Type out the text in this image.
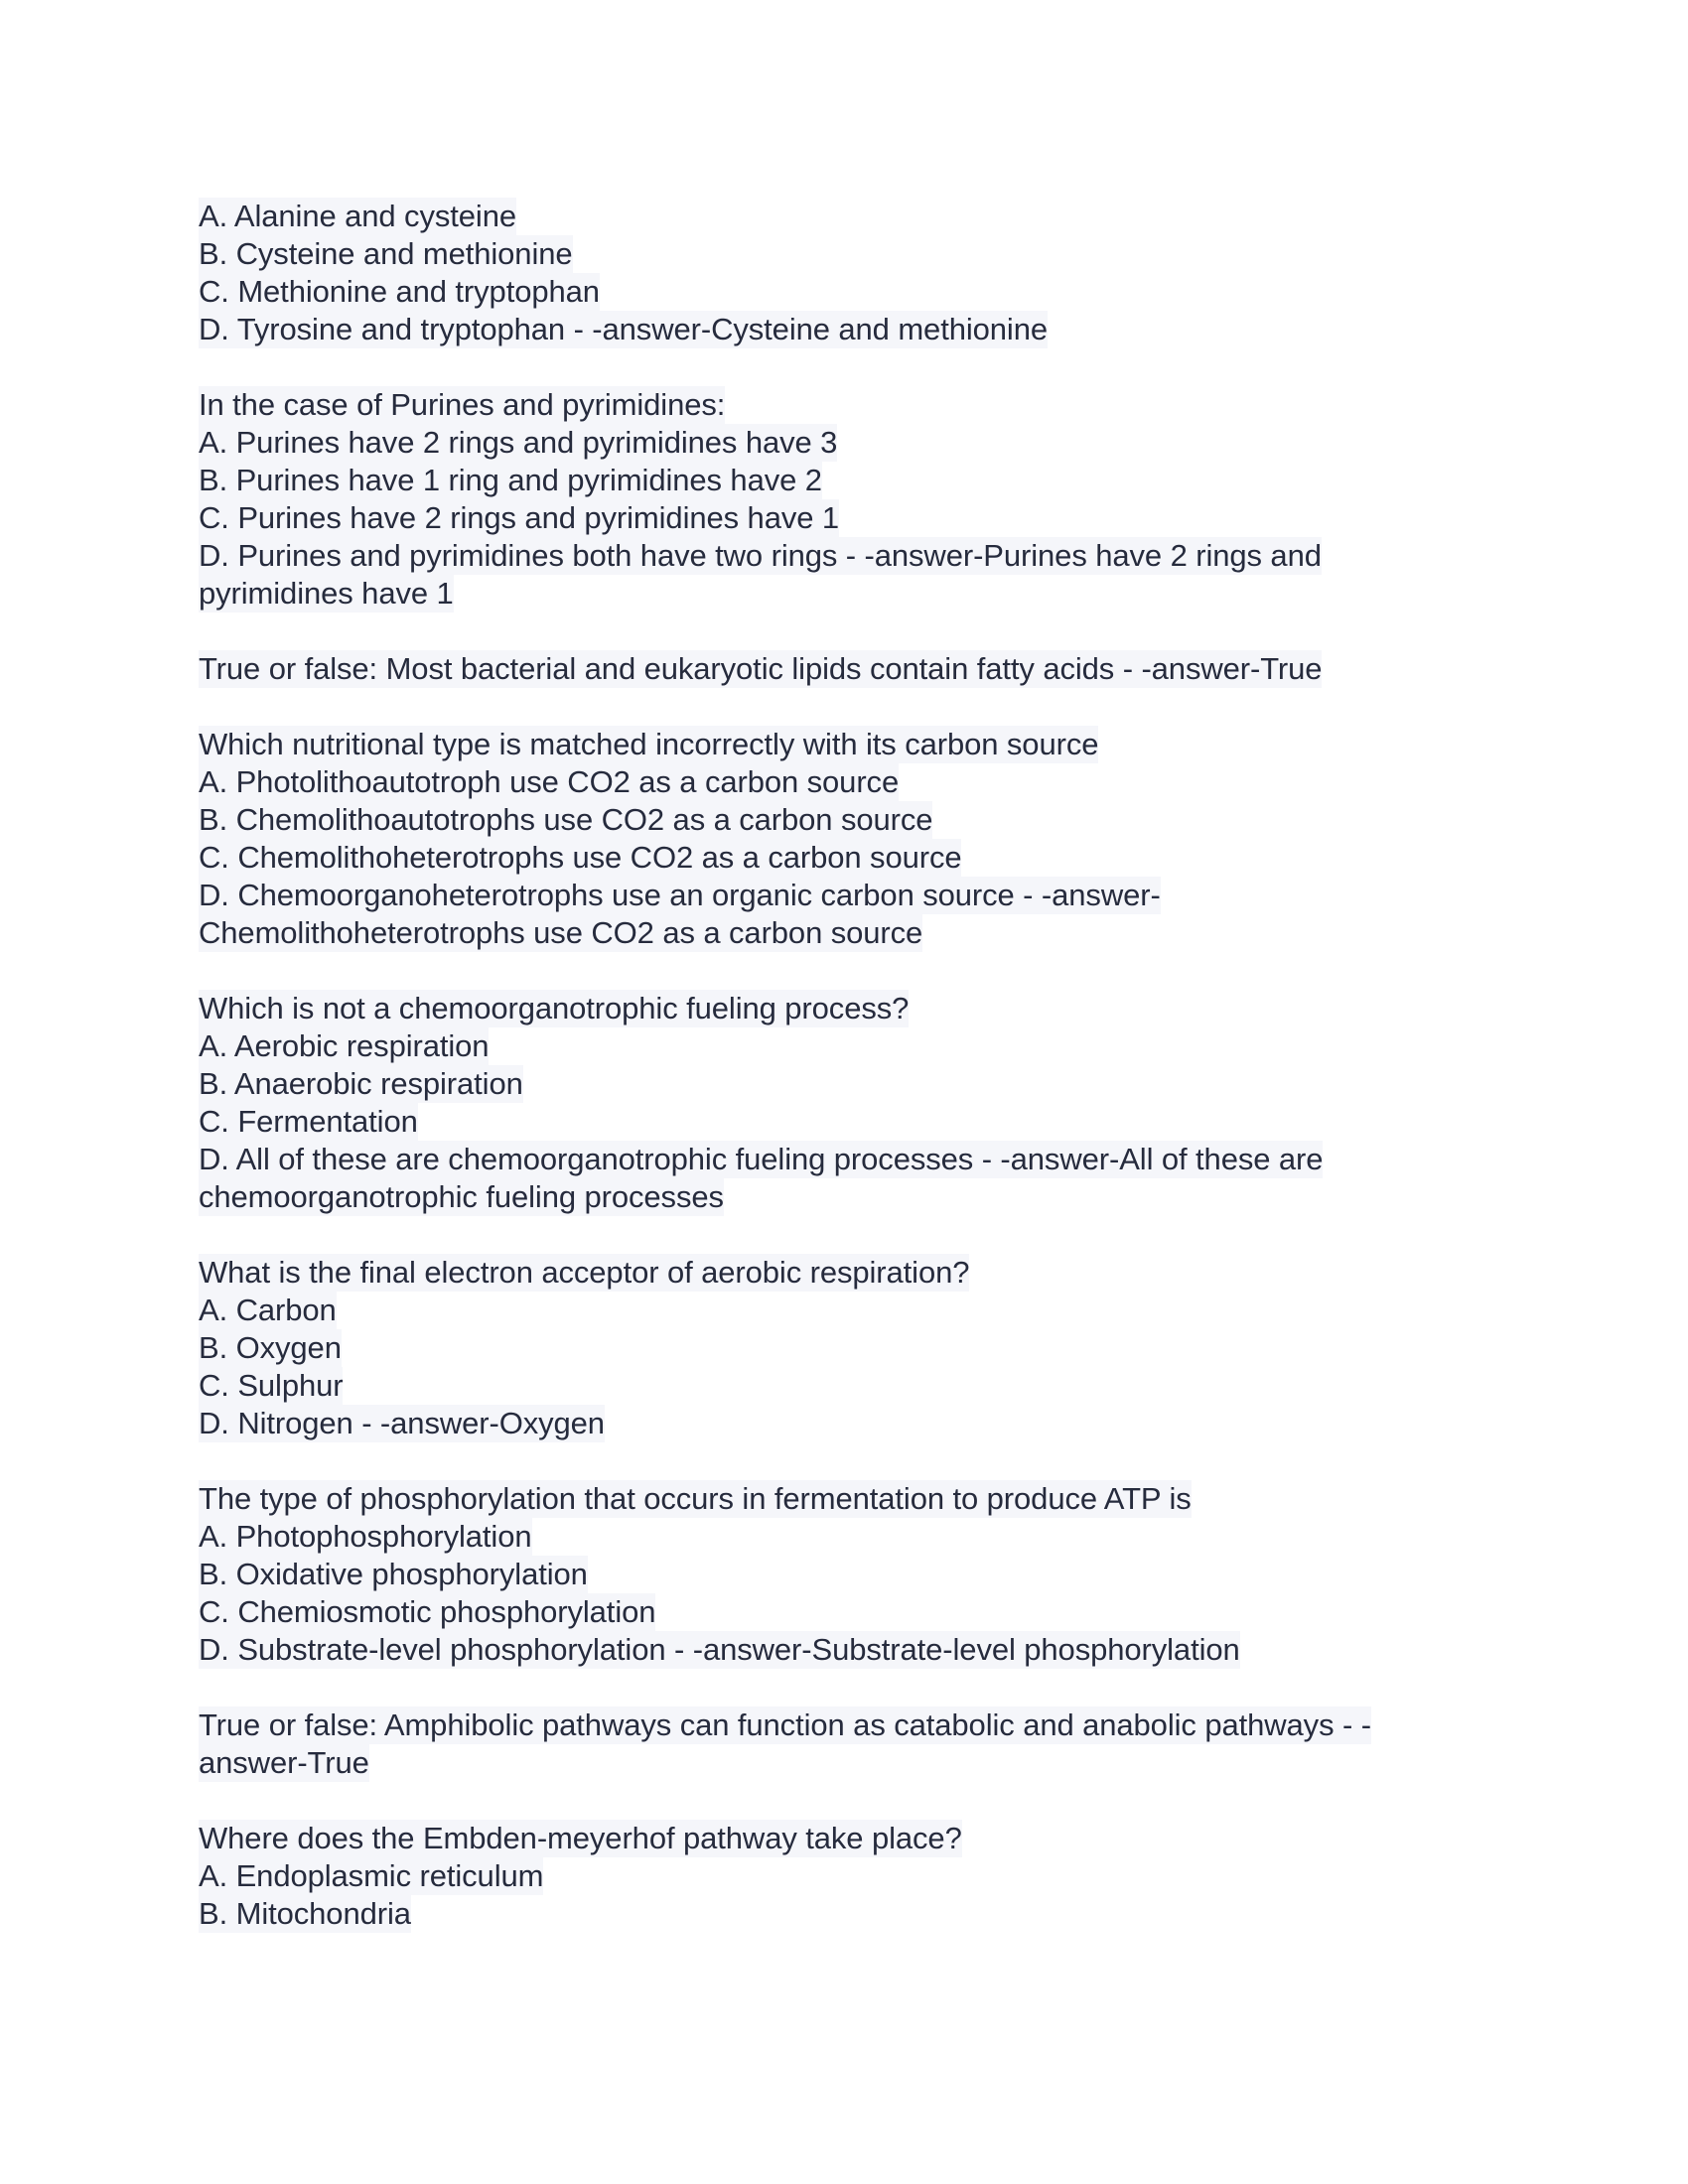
A. Alanine and cysteine
B. Cysteine and methionine
C. Methionine and tryptophan
D. Tyrosine and tryptophan - -answer-Cysteine and methionine
In the case of Purines and pyrimidines:
A. Purines have 2 rings and pyrimidines have 3
B. Purines have 1 ring and pyrimidines have 2
C. Purines have 2 rings and pyrimidines have 1
D. Purines and pyrimidines both have two rings - -answer-Purines have 2 rings and
pyrimidines have 1
True or false: Most bacterial and eukaryotic lipids contain fatty acids - -answer-True
Which nutritional type is matched incorrectly with its carbon source
A. Photolithoautotroph use CO2 as a carbon source
B. Chemolithoautotrophs use CO2 as a carbon source
C. Chemolithoheterotrophs use CO2 as a carbon source
D. Chemoorganoheterotrophs use an organic carbon source - -answer-
Chemolithoheterotrophs use CO2 as a carbon source
Which is not a chemoorganotrophic fueling process?
A. Aerobic respiration
B. Anaerobic respiration
C. Fermentation
D. All of these are chemoorganotrophic fueling processes - -answer-All of these are
chemoorganotrophic fueling processes
What is the final electron acceptor of aerobic respiration?
A. Carbon
B. Oxygen
C. Sulphur
D. Nitrogen - -answer-Oxygen
The type of phosphorylation that occurs in fermentation to produce ATP is
A. Photophosphorylation
B. Oxidative phosphorylation
C. Chemiosmotic phosphorylation
D. Substrate-level phosphorylation - -answer-Substrate-level phosphorylation
True or false: Amphibolic pathways can function as catabolic and anabolic pathways - -
answer-True
Where does the Embden-meyerhof pathway take place?
A. Endoplasmic reticulum
B. Mitochondria
